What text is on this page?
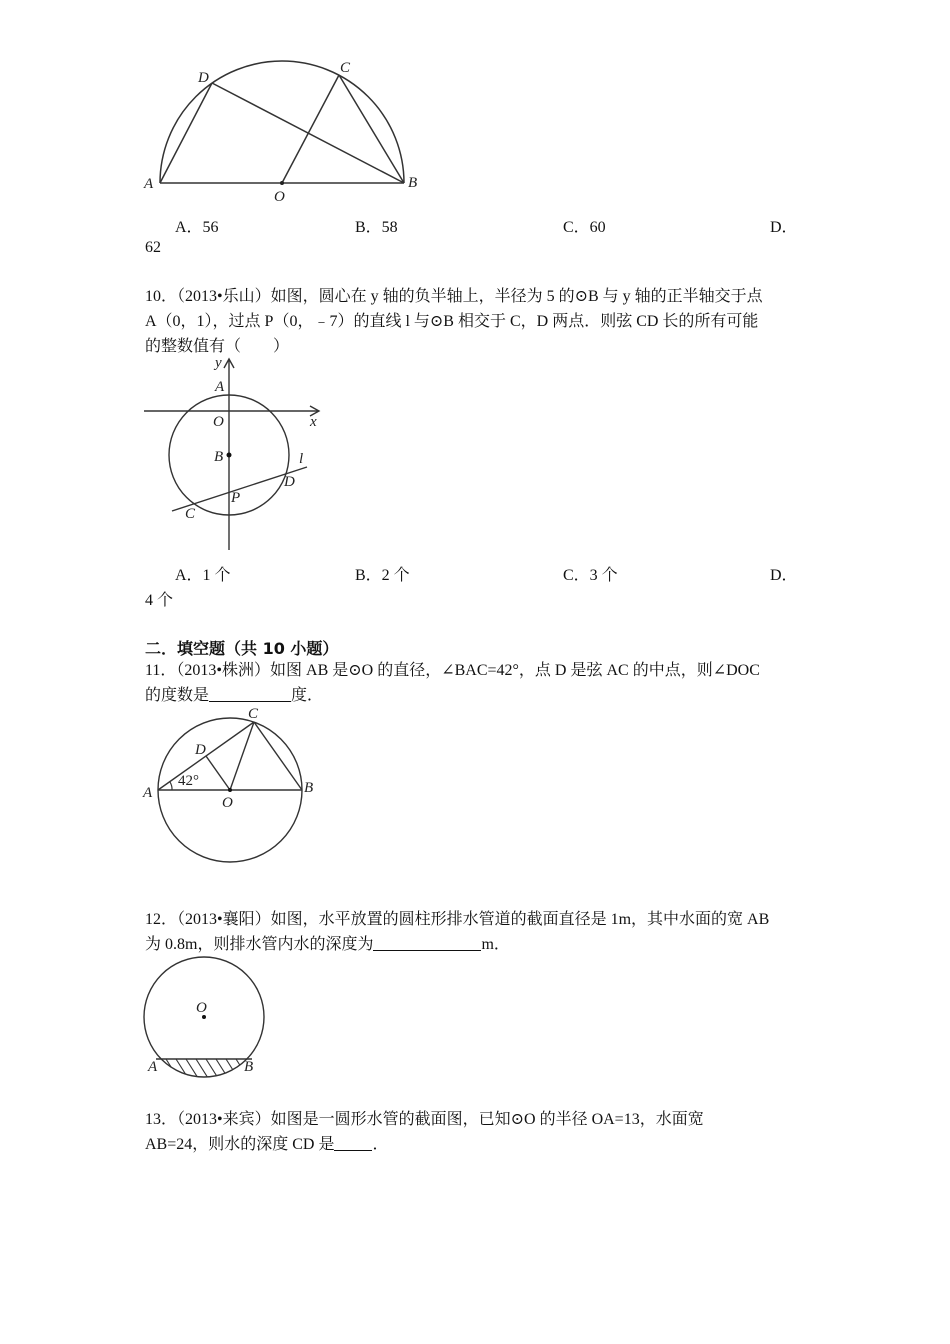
D
C
A
O
B
A．56	B．58	C．60	D．
62
10．（2013•乐山）如图，圆心在 y 轴的负半轴上，半径为 5 的⊙B 与 y 轴的正半轴交于点
A（0，1），过点 P（0，﹣7）的直线 l 与⊙B 相交于 C，D 两点．则弦 CD 长的所有可能
的整数值有（　　）
y
A
O	x
B	l
D
P
C
A．1 个	B．2 个	C．3 个	D．
4 个
二．填空题（共 10 小题）
11．（2013•株洲）如图 AB 是⊙O 的直径，∠BAC=42°，点 D 是弦 AC 的中点，则∠DOC
的度数是	度．
C
D
42°
A
O
B
12．（2013•襄阳）如图，水平放置的圆柱形排水管道的截面直径是 1m，其中水面的宽 AB
为 0.8m，则排水管内水的深度为	m．
O
A	B
13．（2013•来宾）如图是一圆形水管的截面图，已知⊙O 的半径 OA=13，水面宽
AB=24，则水的深度 CD 是 ．
